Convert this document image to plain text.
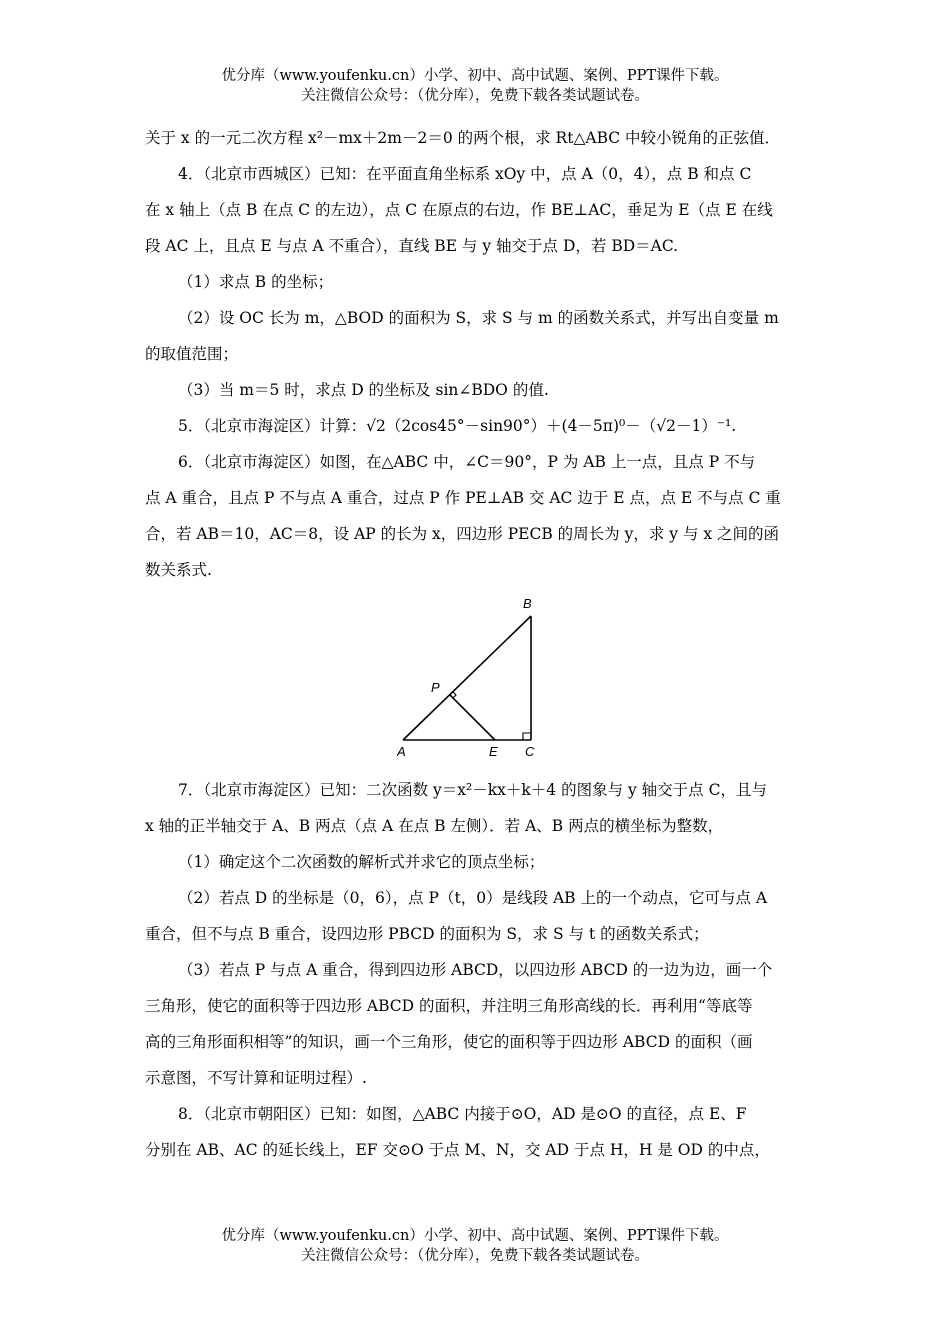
优分库（www.youfenku.cn）小学、初中、高中试题、案例、PPT课件下载。
关注微信公众号：（优分库），免费下载各类试题试卷。

关于 x 的一元二次方程 x²－mx＋2m－2＝0 的两个根，求 Rt△ABC 中较小锐角的正弦值．

4．（北京市西城区）已知：在平面直角坐标系 xOy 中，点 A（0，4），点 B 和点 C

在 x 轴上（点 B 在点 C 的左边），点 C 在原点的右边，作 BE⊥AC，垂足为 E（点 E 在线

段 AC 上，且点 E 与点 A 不重合），直线 BE 与 y 轴交于点 D，若 BD＝AC.

（1）求点 B 的坐标；

（2）设 OC 长为 m，△BOD 的面积为 S，求 S 与 m 的函数关系式，并写出自变量 m

的取值范围；

（3）当 m＝5 时，求点 D 的坐标及 sin∠BDO 的值.

5．（北京市海淀区）计算：√2（2cos45°－sin90°）＋(4－5π)⁰－（√2－1）⁻¹.

6．（北京市海淀区）如图，在△ABC 中，∠C＝90°，P 为 AB 上一点，且点 P 不与

点 A 重合，且点 P 不与点 A 重合，过点 P 作 PE⊥AB 交 AC 边于 E 点，点 E 不与点 C 重

合，若 AB＝10，AC＝8，设 AP 的长为 x，四边形 PECB 的周长为 y，求 y 与 x 之间的函

数关系式.

B
P
A	E C

7．（北京市海淀区）已知：二次函数 y＝x²－kx＋k＋4 的图象与 y 轴交于点 C，且与

x 轴的正半轴交于 A、B 两点（点 A 在点 B 左侧）．若 A、B 两点的横坐标为整数，

（1）确定这个二次函数的解析式并求它的顶点坐标；

（2）若点 D 的坐标是（0，6），点 P（t，0）是线段 AB 上的一个动点，它可与点 A

重合，但不与点 B 重合，设四边形 PBCD 的面积为 S，求 S 与 t 的函数关系式；

（3）若点 P 与点 A 重合，得到四边形 ABCD，以四边形 ABCD 的一边为边，画一个

三角形，使它的面积等于四边形 ABCD 的面积，并注明三角形高线的长．再利用“等底等

高的三角形面积相等”的知识，画一个三角形，使它的面积等于四边形 ABCD 的面积（画

示意图，不写计算和证明过程）.

8．（北京市朝阳区）已知：如图，△ABC 内接于⊙O，AD 是⊙O 的直径，点 E、F

分别在 AB、AC 的延长线上，EF 交⊙O 于点 M、N，交 AD 于点 H，H 是 OD 的中点，

优分库（www.youfenku.cn）小学、初中、高中试题、案例、PPT课件下载。
关注微信公众号：（优分库），免费下载各类试题试卷。
